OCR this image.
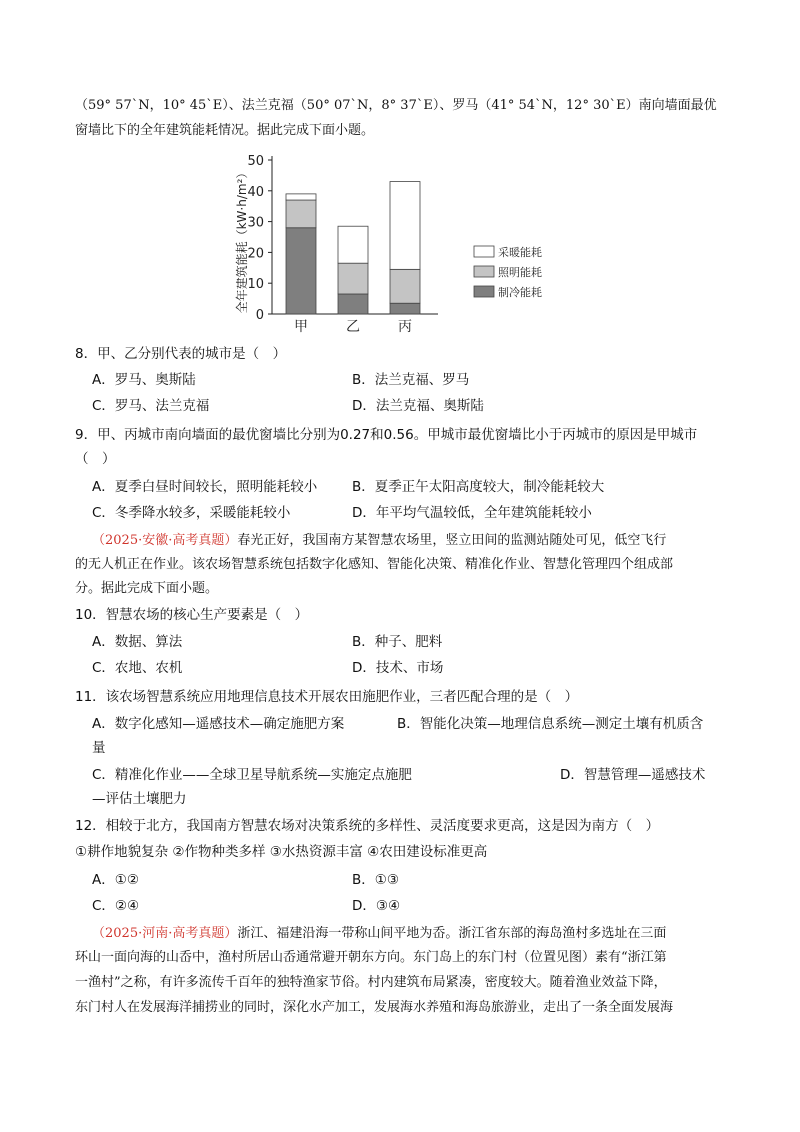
（59° 57`N，10° 45`E）、法兰克福（50° 07`N，8° 37`E）、罗马（41° 54`N，12° 30`E）南向墙面最优
窗墙比下的全年建筑能耗情况。据此完成下面小题。
全年建筑能耗（kW·h/m²）
0
10
20
30
40
50
甲	乙	丙
采暖能耗
照明能耗
制冷能耗
8．甲、乙分别代表的城市是（　）
A．罗马、奥斯陆	B．法兰克福、罗马
C．罗马、法兰克福	D．法兰克福、奥斯陆
9．甲、丙城市南向墙面的最优窗墙比分别为0.27和0.56。甲城市最优窗墙比小于丙城市的原因是甲城市
（　）
A．夏季白昼时间较长，照明能耗较小	B．夏季正午太阳高度较大，制冷能耗较大
C．冬季降水较多，采暖能耗较小	D．年平均气温较低，全年建筑能耗较小
（2025·安徽·高考真题）春光正好，我国南方某智慧农场里，竖立田间的监测站随处可见，低空飞行
的无人机正在作业。该农场智慧系统包括数字化感知、智能化决策、精准化作业、智慧化管理四个组成部
分。据此完成下面小题。
10．智慧农场的核心生产要素是（　）
A．数据、算法	B．种子、肥料
C．农地、农机	D．技术、市场
11．该农场智慧系统应用地理信息技术开展农田施肥作业，三者匹配合理的是（　）
A．数字化感知—遥感技术—确定施肥方案	B．智能化决策—地理信息系统—测定土壤有机质含
量
C．精准化作业——全球卫星导航系统—实施定点施肥	D．智慧管理—遥感技术
—评估土壤肥力
12．相较于北方，我国南方智慧农场对决策系统的多样性、灵活度要求更高，这是因为南方（　）
①耕作地貌复杂 ②作物种类多样 ③水热资源丰富 ④农田建设标准更高
A．①②	B．①③
C．②④	D．③④
（2025·河南·高考真题）浙江、福建沿海一带称山间平地为岙。浙江省东部的海岛渔村多选址在三面
环山一面向海的山岙中，渔村所居山岙通常避开朝东方向。东门岛上的东门村（位置见图）素有“浙江第
一渔村”之称，有许多流传千百年的独特渔家节俗。村内建筑布局紧凑，密度较大。随着渔业效益下降，
东门村人在发展海洋捕捞业的同时，深化水产加工，发展海水养殖和海岛旅游业，走出了一条全面发展海
